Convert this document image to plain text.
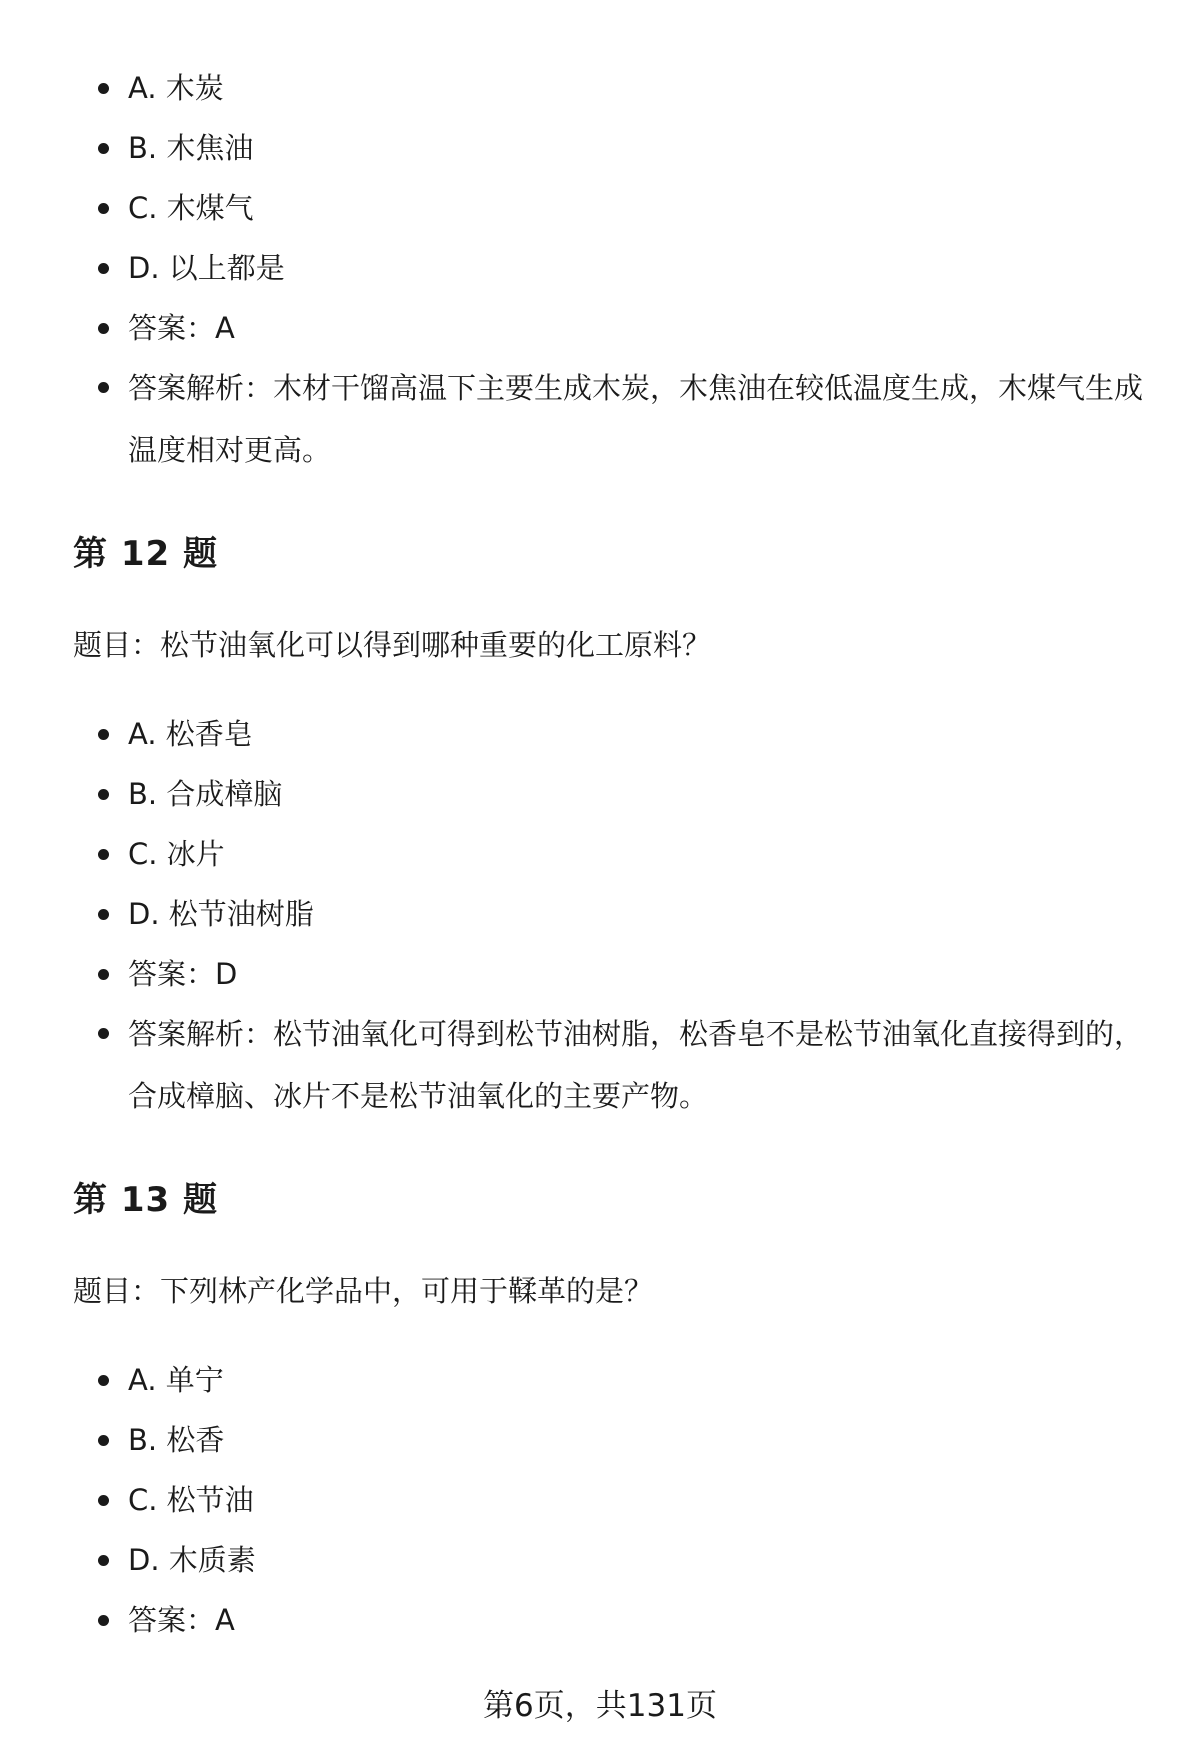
A. 木炭
B. 木焦油
C. 木煤气
D. 以上都是
答案：A
答案解析：木材干馏高温下主要生成木炭，木焦油在较低温度生成，木煤气生成温度相对更高。
第 12 题

题目：松节油氧化可以得到哪种重要的化工原料？

A. 松香皂
B. 合成樟脑
C. 冰片
D. 松节油树脂
答案：D
答案解析：松节油氧化可得到松节油树脂，松香皂不是松节油氧化直接得到的，合成樟脑、冰片不是松节油氧化的主要产物。
第 13 题

题目：下列林产化学品中，可用于鞣革的是？

A. 单宁
B. 松香
C. 松节油
D. 木质素
答案：A
第6页，共131页
